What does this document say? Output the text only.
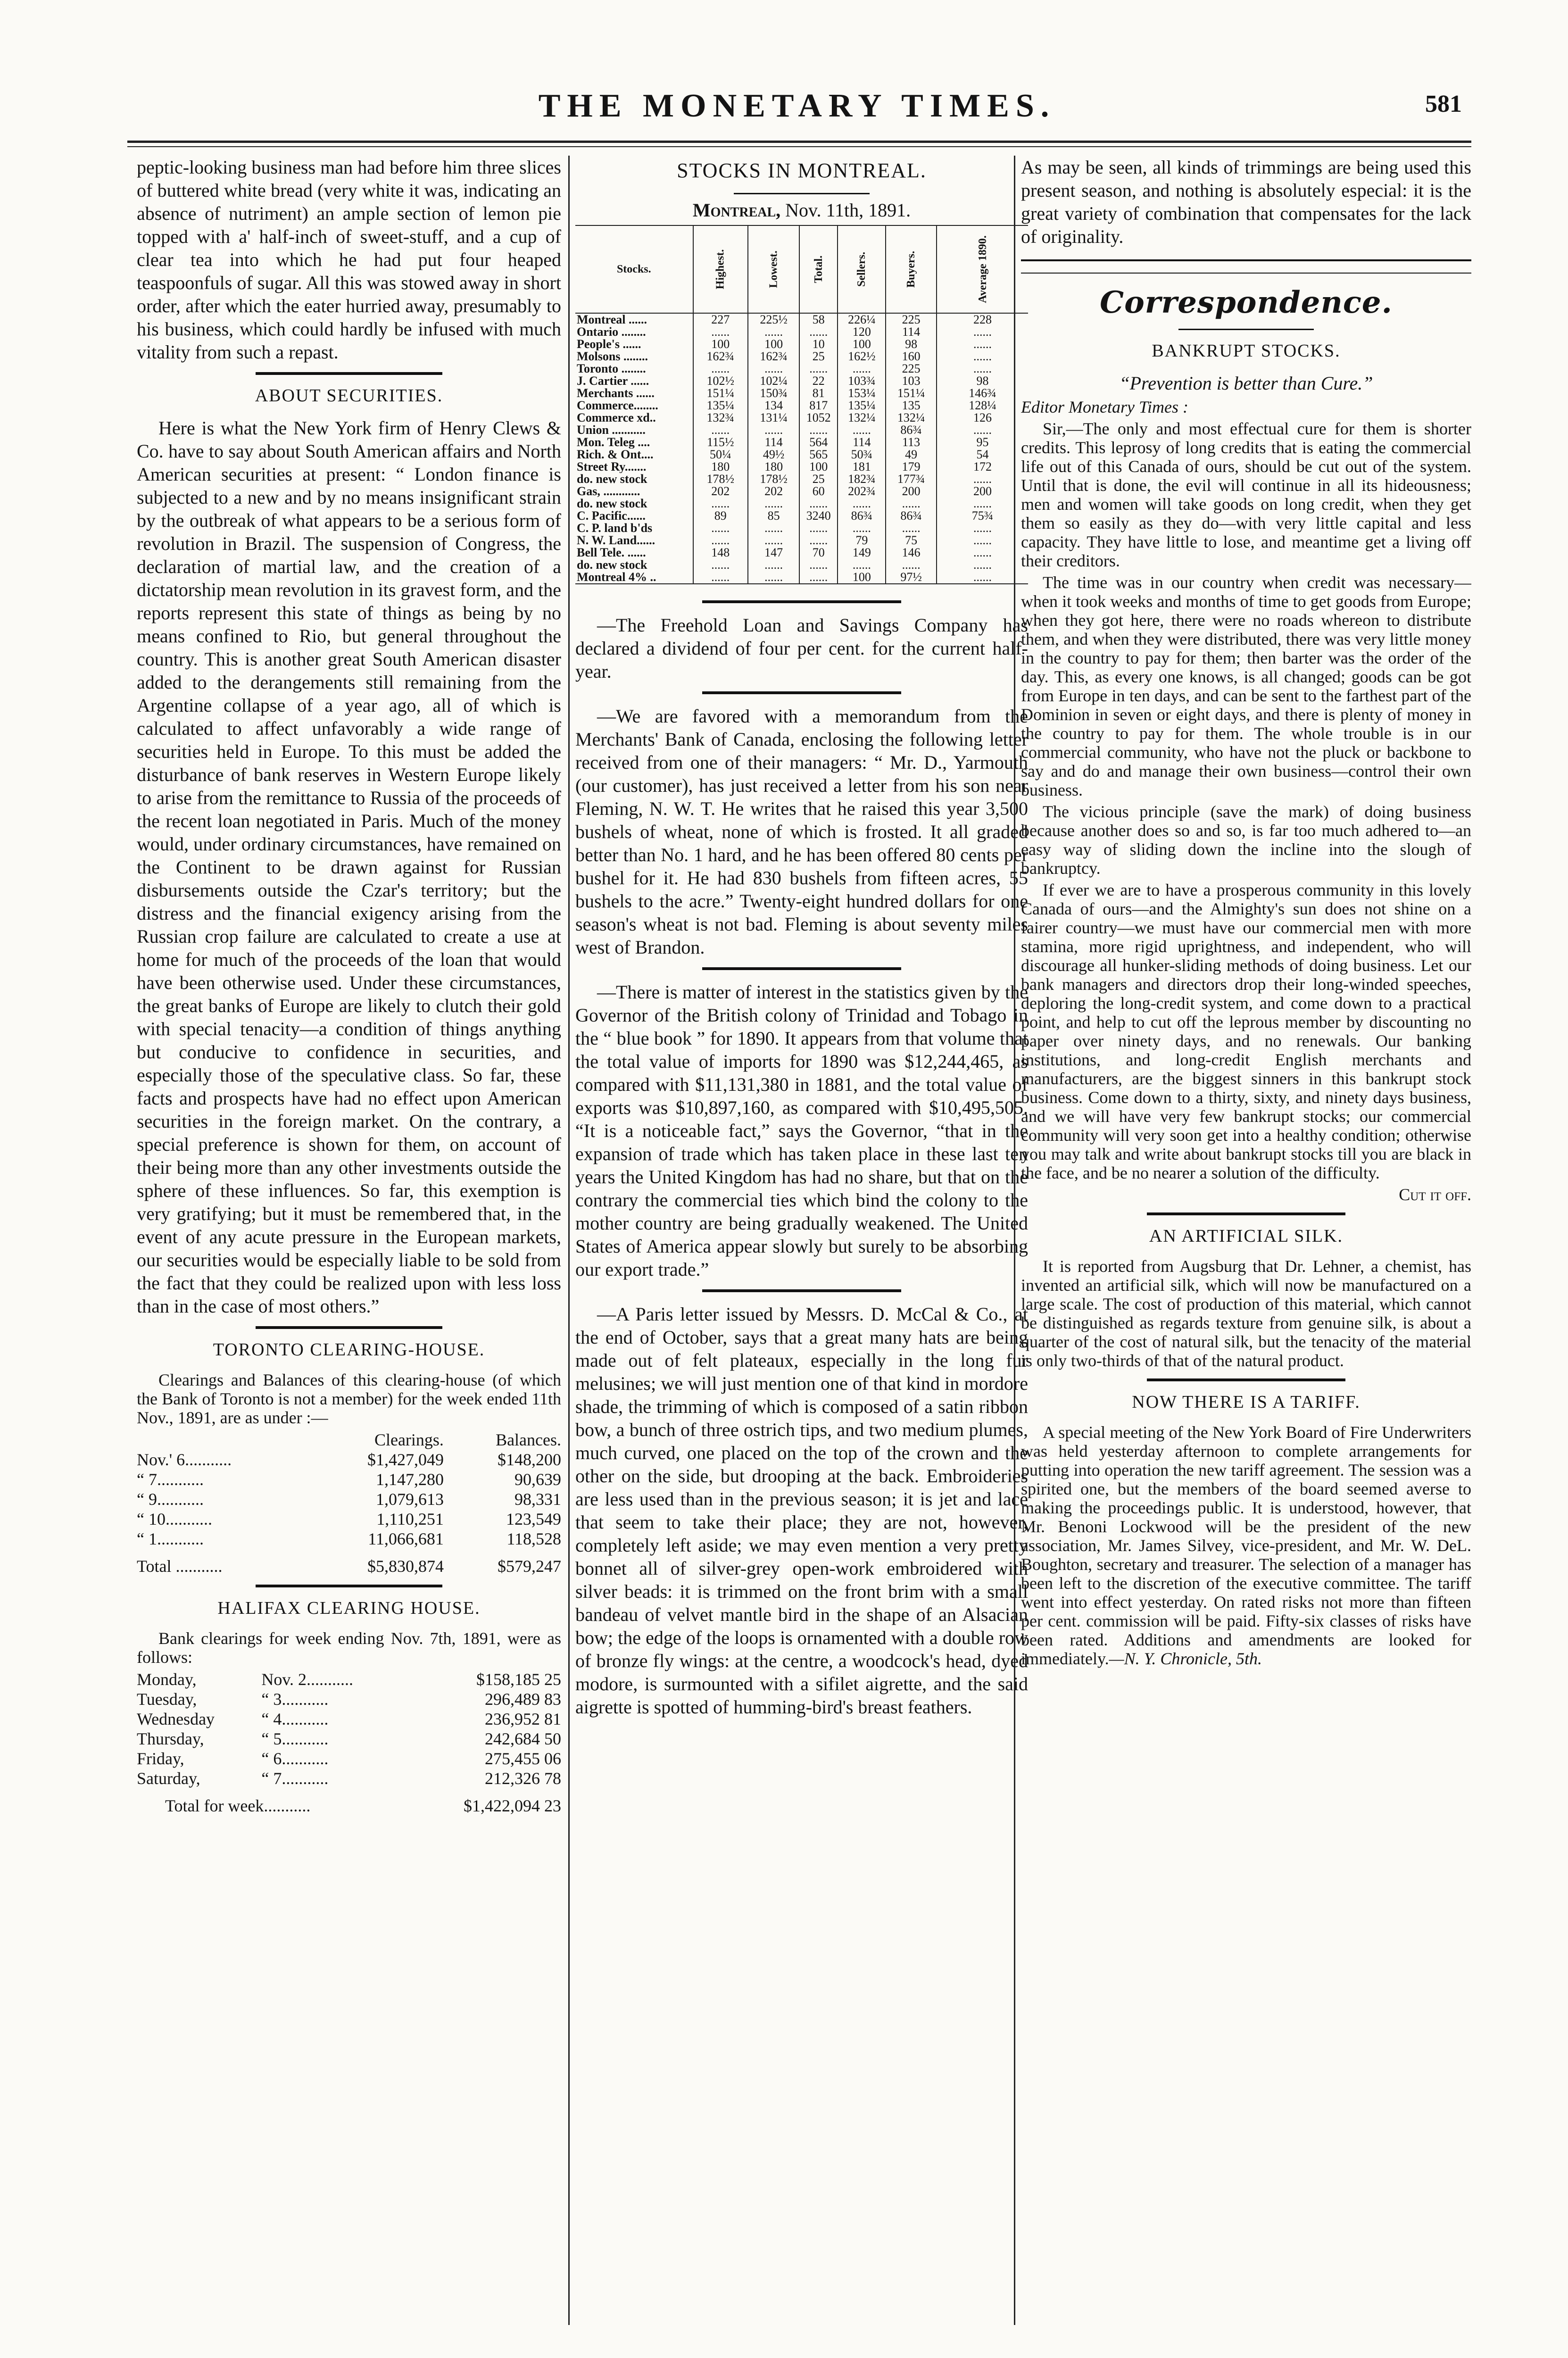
THE MONETARY TIMES.	581

peptic-looking business man had before him three slices of buttered white bread (very white it was, indicating an absence of nutriment) an ample section of lemon pie topped with a' half-inch of sweet-stuff, and a cup of clear tea into which he had put four heaped teaspoonfuls of sugar. All this was stowed away in short order, after which the eater hurried away, presumably to his business, which could hardly be infused with much vitality from such a repast.

ABOUT SECURITIES.

Here is what the New York firm of Henry Clews & Co. have to say about South American affairs and North American securities at present: “ London finance is subjected to a new and by no means insignificant strain by the outbreak of what appears to be a serious form of revolution in Brazil. The suspension of Congress, the declaration of martial law, and the creation of a dictatorship mean revolution in its gravest form, and the reports represent this state of things as being by no means confined to Rio, but general throughout the country. This is another great South American disaster added to the derangements still remaining from the Argentine collapse of a year ago, all of which is calculated to affect unfavorably a wide range of securities held in Europe. To this must be added the disturbance of bank reserves in Western Europe likely to arise from the remittance to Russia of the proceeds of the recent loan negotiated in Paris. Much of the money would, under ordinary circumstances, have remained on the Continent to be drawn against for Russian disbursements outside the Czar's territory; but the distress and the financial exigency arising from the Russian crop failure are calculated to create a use at home for much of the proceeds of the loan that would have been otherwise used. Under these circumstances, the great banks of Europe are likely to clutch their gold with special tenacity—a condition of things anything but conducive to confidence in securities, and especially those of the speculative class. So far, these facts and prospects have had no effect upon American securities in the foreign market. On the contrary, a special preference is shown for them, on account of their being more than any other investments outside the sphere of these influences. So far, this exemption is very gratifying; but it must be remembered that, in the event of any acute pressure in the European markets, our securities would be especially liable to be sold from the fact that they could be realized upon with less loss than in the case of most others.”

TORONTO CLEARING-HOUSE.

Clearings and Balances of this clearing-house (of which the Bank of Toronto is not a member) for the week ended 11th Nov., 1891, are as under :—

	Clearings.	Balances.
Nov.' 6...........	$1,427,049	$148,200
“ 7...........	1,147,280	90,639
“ 9...........	1,079,613	98,331
“ 10...........	1,110,251	123,549
“ 1...........	11,066,681	118,528
Total ...........	$5,830,874	$579,247
HALIFAX CLEARING HOUSE.

Bank clearings for week ending Nov. 7th, 1891, were as follows:

Monday,	Nov. 2...........	$158,185 25
Tuesday,	“ 3...........	296,489 83
Wednesday	“ 4...........	236,952 81
Thursday,	“ 5...........	242,684 50
Friday,	“ 6...........	275,455 06
Saturday,	“ 7...........	212,326 78
Total for week...........		$1,422,094 23
STOCKS IN MONTREAL.
Montreal, Nov. 11th, 1891.
Stocks.	Highest.	Lowest.	Total.	Sellers.	Buyers.	Average 1890.
Montreal ......	227	225½	58	226¼	225	228
Ontario ........	......	......	......	120	114	......
People's ......	100	100	10	100	98	......
Molsons ........	162¾	162¾	25	162½	160	......
Toronto ........	......	......	......	......	225	......
J. Cartier ......	102½	102¼	22	103¾	103	98
Merchants ......	151¼	150¾	81	153¼	151¼	146¾
Commerce........	135¼	134	817	135¼	135	128¼
Commerce xd..	132¾	131¼	1052	132¼	132¼	126
Union ...........	......	......	......	......	86¾	......
Mon. Teleg ....	115½	114	564	114	113	95
Rich. & Ont....	50¼	49½	565	50¾	49	54
Street Ry.......	180	180	100	181	179	172
do. new stock	178½	178½	25	182¾	177¾	......
Gas, ............	202	202	60	202¾	200	200
do. new stock	......	......	......	......	......	......
C. Pacific......	89	85	3240	86¾	86¾	75¾
C. P. land b'ds	......	......	......	......	......	......
N. W. Land......	......	......	......	79	75	......
Bell Tele. ......	148	147	70	149	146	......
do. new stock	......	......	......	......	......	......
Montreal 4% ..	......	......	......	100	97½	......

—The Freehold Loan and Savings Company has declared a dividend of four per cent. for the current half-year.

—We are favored with a memorandum from the Merchants' Bank of Canada, enclosing the following letter received from one of their managers: “ Mr. D., Yarmouth (our customer), has just received a letter from his son near Fleming, N. W. T. He writes that he raised this year 3,500 bushels of wheat, none of which is frosted. It all graded better than No. 1 hard, and he has been offered 80 cents per bushel for it. He had 830 bushels from fifteen acres, 55 bushels to the acre.” Twenty-eight hundred dollars for one season's wheat is not bad. Fleming is about seventy miles west of Brandon.

—There is matter of interest in the statistics given by the Governor of the British colony of Trinidad and Tobago in the “ blue book ” for 1890. It appears from that volume that the total value of imports for 1890 was $12,244,465, as compared with $11,131,380 in 1881, and the total value of exports was $10,897,160, as compared with $10,495,505. “It is a noticeable fact,” says the Governor, “that in the expansion of trade which has taken place in these last ten years the United Kingdom has had no share, but that on the contrary the commercial ties which bind the colony to the mother country are being gradually weakened. The United States of America appear slowly but surely to be absorbing our export trade.”

—A Paris letter issued by Messrs. D. McCal & Co., at the end of October, says that a great many hats are being made out of felt plateaux, especially in the long fur melusines; we will just mention one of that kind in mordore shade, the trimming of which is composed of a satin ribbon bow, a bunch of three ostrich tips, and two medium plumes, much curved, one placed on the top of the crown and the other on the side, but drooping at the back. Embroideries are less used than in the previous season; it is jet and lace that seem to take their place; they are not, however, completely left aside; we may even mention a very pretty bonnet all of silver-grey open-work embroidered with silver beads: it is trimmed on the front brim with a small bandeau of velvet mantle bird in the shape of an Alsacian bow; the edge of the loops is ornamented with a double row of bronze fly wings: at the centre, a woodcock's head, dyed modore, is surmounted with a sifilet aigrette, and the said aigrette is spotted of humming-bird's breast feathers.

As may be seen, all kinds of trimmings are being used this present season, and nothing is absolutely especial: it is the great variety of combination that compensates for the lack of originality.

Correspondence.
BANKRUPT STOCKS.

“Prevention is better than Cure.”

Editor Monetary Times :

Sir,—The only and most effectual cure for them is shorter credits. This leprosy of long credits that is eating the commercial life out of this Canada of ours, should be cut out of the system. Until that is done, the evil will continue in all its hideousness; men and women will take goods on long credit, when they get them so easily as they do—with very little capital and less capacity. They have little to lose, and meantime get a living off their creditors.

The time was in our country when credit was necessary—when it took weeks and months of time to get goods from Europe; when they got here, there were no roads whereon to distribute them, and when they were distributed, there was very little money in the country to pay for them; then barter was the order of the day. This, as every one knows, is all changed; goods can be got from Europe in ten days, and can be sent to the farthest part of the Dominion in seven or eight days, and there is plenty of money in the country to pay for them. The whole trouble is in our commercial community, who have not the pluck or backbone to say and do and manage their own business—control their own business.

The vicious principle (save the mark) of doing business because another does so and so, is far too much adhered to—an easy way of sliding down the incline into the slough of bankruptcy.

If ever we are to have a prosperous community in this lovely Canada of ours—and the Almighty's sun does not shine on a fairer country—we must have our commercial men with more stamina, more rigid uprightness, and independent, who will discourage all hunker-sliding methods of doing business. Let our bank managers and directors drop their long-winded speeches, deploring the long-credit system, and come down to a practical point, and help to cut off the leprous member by discounting no paper over ninety days, and no renewals. Our banking institutions, and long-credit English merchants and manufacturers, are the biggest sinners in this bankrupt stock business. Come down to a thirty, sixty, and ninety days business, and we will have very few bankrupt stocks; our commercial community will very soon get into a healthy condition; otherwise you may talk and write about bankrupt stocks till you are black in the face, and be no nearer a solution of the difficulty.

Cut it off.

AN ARTIFICIAL SILK.

It is reported from Augsburg that Dr. Lehner, a chemist, has invented an artificial silk, which will now be manufactured on a large scale. The cost of production of this material, which cannot be distinguished as regards texture from genuine silk, is about a quarter of the cost of natural silk, but the tenacity of the material is only two-thirds of that of the natural product.

NOW THERE IS A TARIFF.

A special meeting of the New York Board of Fire Underwriters was held yesterday afternoon to complete arrangements for putting into operation the new tariff agreement. The session was a spirited one, but the members of the board seemed averse to making the proceedings public. It is understood, however, that Mr. Benoni Lockwood will be the president of the new association, Mr. James Silvey, vice-president, and Mr. W. DeL. Boughton, secretary and treasurer. The selection of a manager has been left to the discretion of the executive committee. The tariff went into effect yesterday. On rated risks not more than fifteen per cent. commission will be paid. Fifty-six classes of risks have been rated. Additions and amendments are looked for immediately.—N. Y. Chronicle, 5th.
